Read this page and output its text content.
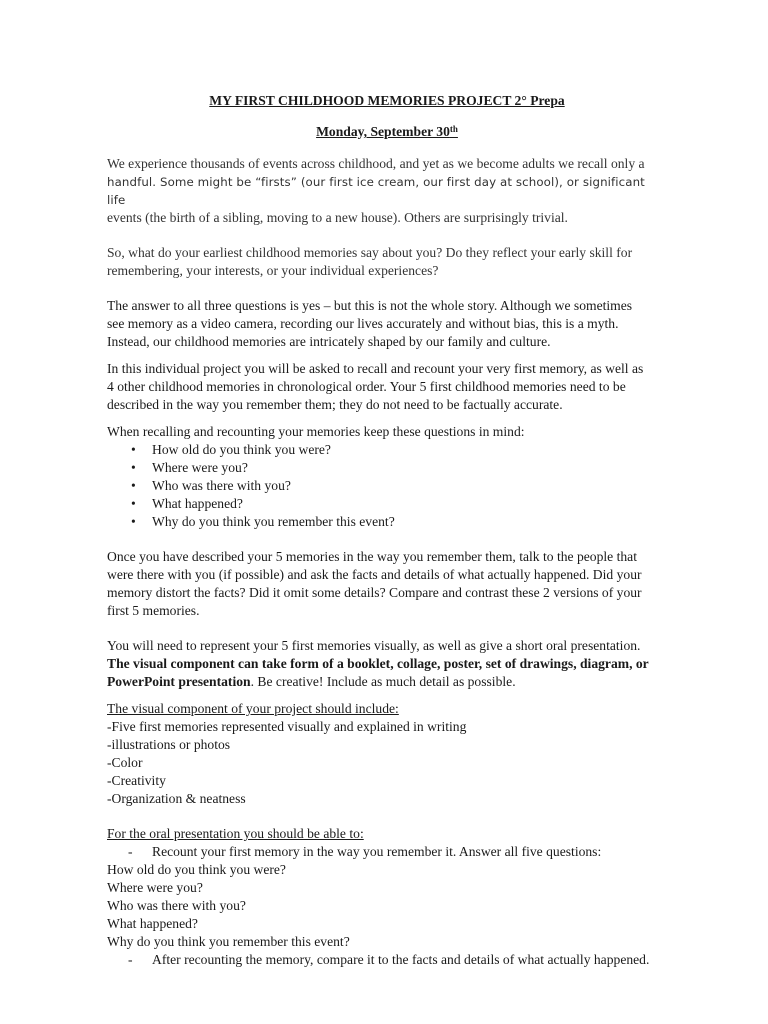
MY FIRST CHILDHOOD MEMORIES PROJECT 2° Prepa
Monday, September 30th
We experience thousands of events across childhood, and yet as we become adults we recall only a
handful. Some might be “firsts” (our first ice cream, our first day at school), or significant life
events (the birth of a sibling, moving to a new house). Others are surprisingly trivial.
So, what do your earliest childhood memories say about you? Do they reflect your early skill for
remembering, your interests, or your individual experiences?
The answer to all three questions is yes – but this is not the whole story. Although we sometimes
see memory as a video camera, recording our lives accurately and without bias, this is a myth.
Instead, our childhood memories are intricately shaped by our family and culture.
In this individual project you will be asked to recall and recount your very first memory, as well as
4 other childhood memories in chronological order. Your 5 first childhood memories need to be
described in the way you remember them; they do not need to be factually accurate.
When recalling and recounting your memories keep these questions in mind:
• How old do you think you were?
• Where were you?
• Who was there with you?
• What happened?
• Why do you think you remember this event?
Once you have described your 5 memories in the way you remember them, talk to the people that
were there with you (if possible) and ask the facts and details of what actually happened. Did your
memory distort the facts? Did it omit some details? Compare and contrast these 2 versions of your
first 5 memories.
You will need to represent your 5 first memories visually, as well as give a short oral presentation.
The visual component can take form of a booklet, collage, poster, set of drawings, diagram, or
PowerPoint presentation. Be creative! Include as much detail as possible.
The visual component of your project should include:
-Five first memories represented visually and explained in writing
-illustrations or photos
-Color
-Creativity
-Organization & neatness
For the oral presentation you should be able to:
- Recount your first memory in the way you remember it. Answer all five questions:
How old do you think you were?
Where were you?
Who was there with you?
What happened?
Why do you think you remember this event?
- After recounting the memory, compare it to the facts and details of what actually happened.
